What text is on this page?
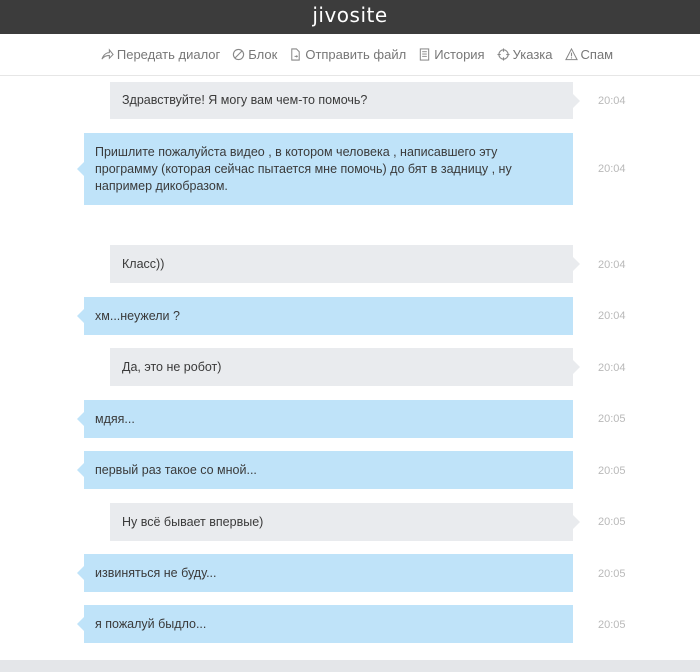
jivosite
Передать диалог Блок Отправить файл История Указка Спам
Здравствуйте! Я могу вам чем-то помочь?	20:04
Пришлите пожалуйста видео , в котором человека , написавшего эту программу (которая сейчас пытается мне помочь) до бят в задницу , ну например дикобразом.
20:04
Класс))	20:04
хм...неужели ?	20:04
Да, это не робот)	20:04
мдяя...	20:05
первый раз такое со мной...	20:05
Ну всё бывает впервые)	20:05
извиняться не буду...	20:05
я пожалуй быдло...	20:05
